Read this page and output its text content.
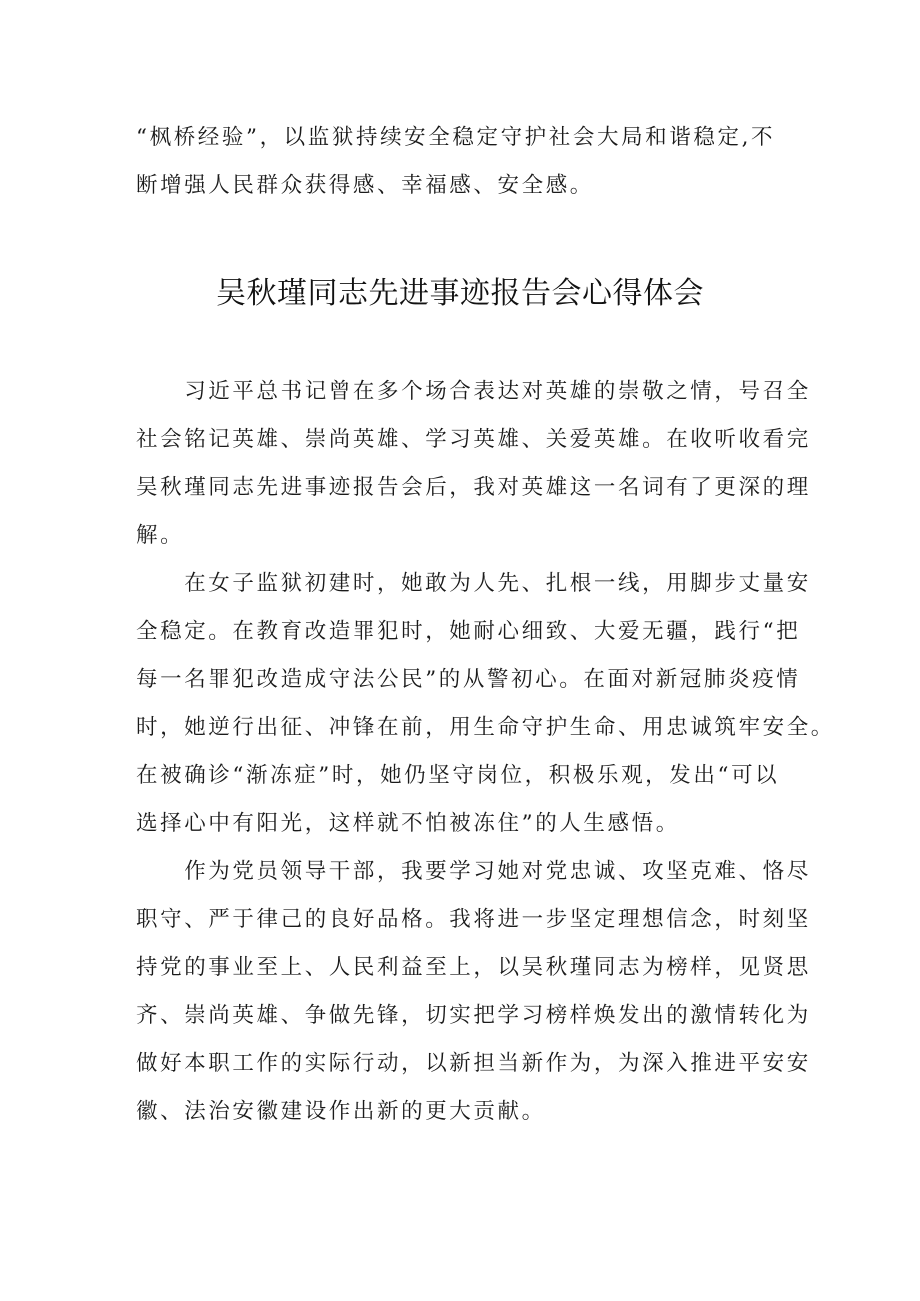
“枫桥经验”，以监狱持续安全稳定守护社会大局和谐稳定,不
断增强人民群众获得感、幸福感、安全感。
吴秋瑾同志先进事迹报告会心得体会
　　习近平总书记曾在多个场合表达对英雄的崇敬之情，号召全
社会铭记英雄、崇尚英雄、学习英雄、关爱英雄。在收听收看完
吴秋瑾同志先进事迹报告会后，我对英雄这一名词有了更深的理
解。
　　在女子监狱初建时，她敢为人先、扎根一线，用脚步丈量安
全稳定。在教育改造罪犯时，她耐心细致、大爱无疆，践行“把
每一名罪犯改造成守法公民”的从警初心。在面对新冠肺炎疫情
时，她逆行出征、冲锋在前，用生命守护生命、用忠诚筑牢安全。
在被确诊“渐冻症”时，她仍坚守岗位，积极乐观，发出“可以
选择心中有阳光，这样就不怕被冻住”的人生感悟。
　　作为党员领导干部，我要学习她对党忠诚、攻坚克难、恪尽
职守、严于律己的良好品格。我将进一步坚定理想信念，时刻坚
持党的事业至上、人民利益至上，以吴秋瑾同志为榜样，见贤思
齐、崇尚英雄、争做先锋，切实把学习榜样焕发出的激情转化为
做好本职工作的实际行动，以新担当新作为，为深入推进平安安
徽、法治安徽建设作出新的更大贡献。
